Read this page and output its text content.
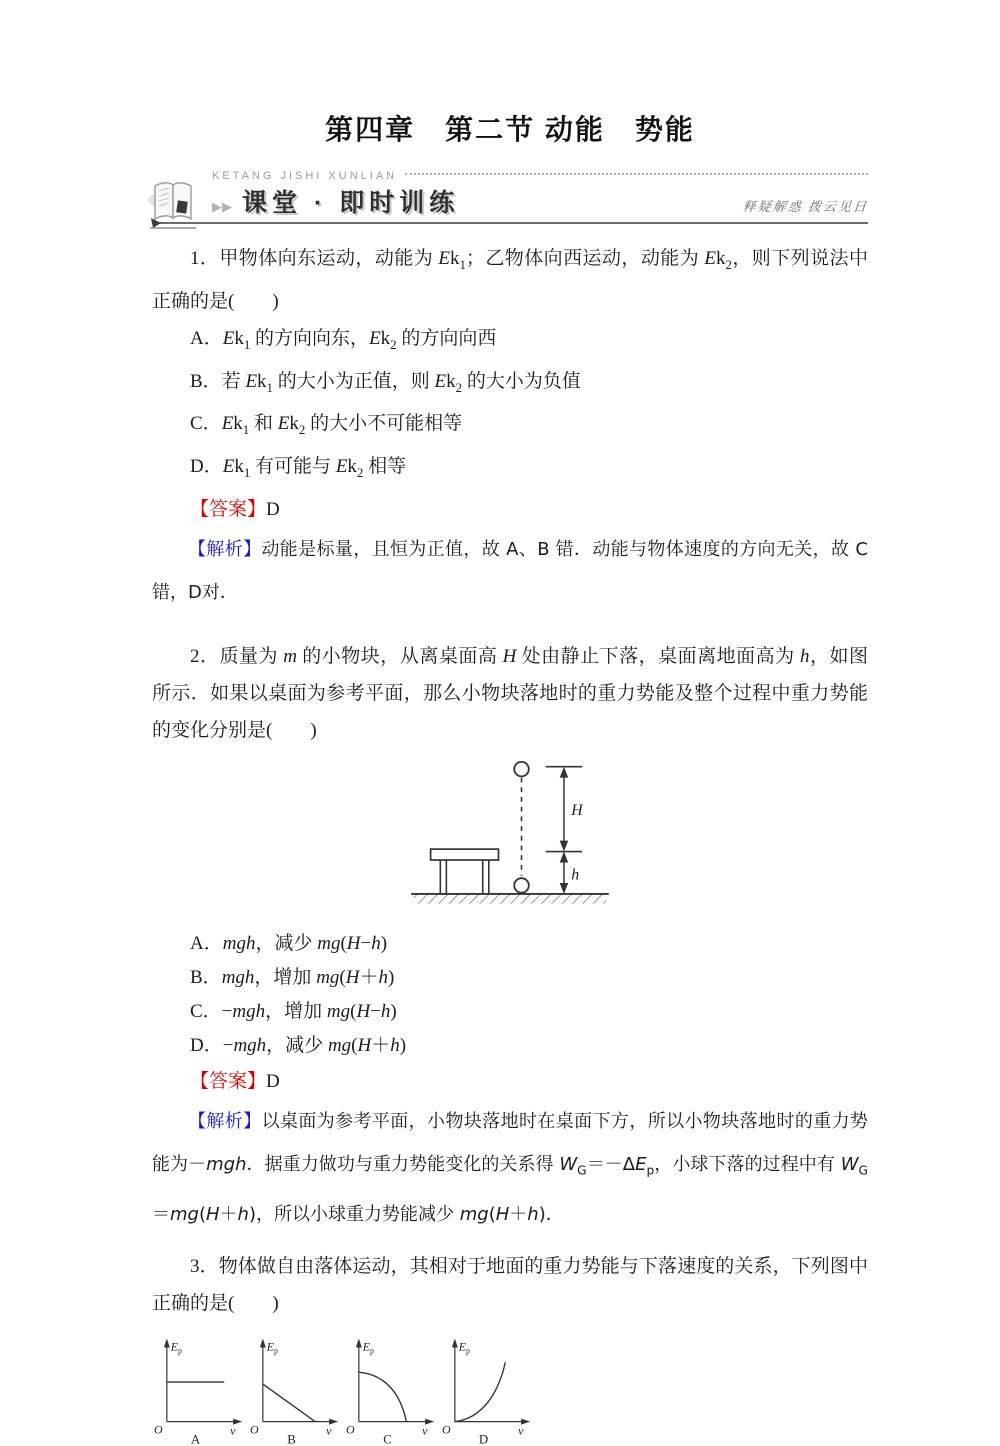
第四章　第二节 动能　势能
KETANG JISHI XUNLIAN
▶▶ 课堂 · 即时训练	释疑解惑 拨云见日

1．甲物体向东运动，动能为 $Ek_1$；乙物体向西运动，动能为 $Ek_2$，则下列说法中正确的是(　　)

A．$Ek_1$ 的方向向东，$Ek_2$ 的方向向西

B．若 $Ek_1$ 的大小为正值，则 $Ek_2$ 的大小为负值

C．$Ek_1$ 和 $Ek_2$ 的大小不可能相等

D．$Ek_1$ 有可能与 $Ek_2$ 相等

【答案】D

【解析】动能是标量，且恒为正值，故 A、B 错．动能与物体速度的方向无关，故 C 错，D对．

2．质量为 m 的小物块，从离桌面高 H 处由静止下落，桌面离地面高为 h，如图所示．如果以桌面为参考平面，那么小物块落地时的重力势能及整个过程中重力势能的变化分别是(　　)

H
h

A．mgh，减少 mg(H−h)

B．mgh，增加 mg(H＋h)

C．−mgh，增加 mg(H−h)

D．−mgh，减少 mg(H＋h)

【答案】D

【解析】以桌面为参考平面，小物块落地时在桌面下方，所以小物块落地时的重力势能为－mgh．据重力做功与重力势能变化的关系得 $W_G=-\Delta E_p$，小球下落的过程中有 $W_G=mg(H+h)$，所以小球重力势能减少 mg(H＋h)．

3．物体做自由落体运动，其相对于地面的重力势能与下落速度的关系，下列图中正确的是(　　)

$E_p$
v
O
A
$E_p$
v
O
B
$E_p$
v
O
C
$E_p$
v
O
D
